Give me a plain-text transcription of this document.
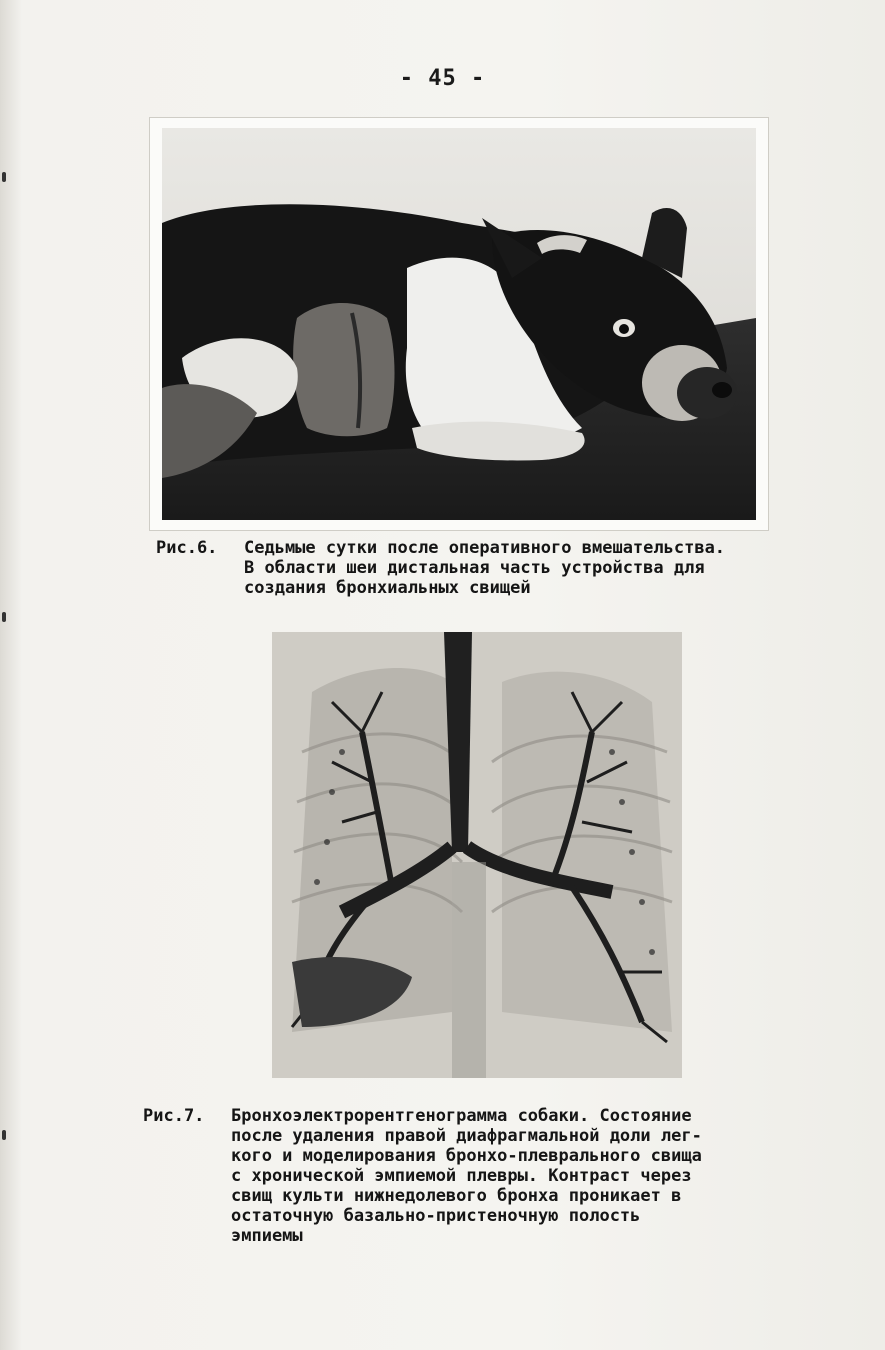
- 45 -
Рис.6. Седьмые сутки после оперативного вмешательства.
В области шеи дистальная часть устройства для
создания бронхиальных свищей
Рис.7. Бронхоэлектрорентгенограмма собаки. Состояние
после удаления правой диафрагмальной доли лег-
кого и моделирования бронхо-плеврального свища
с хронической эмпиемой плевры. Контраст через
свищ культи нижнедолевого бронха проникает в
остаточную базально-пристеночную полость
эмпиемы
